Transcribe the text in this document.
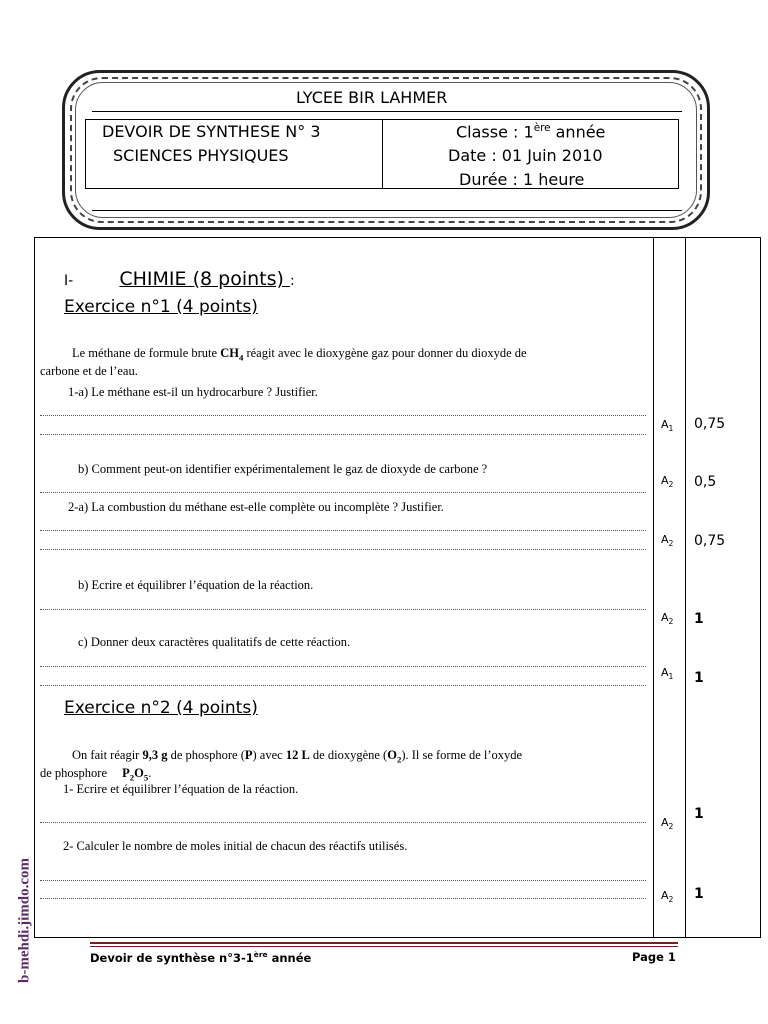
LYCEE BIR LAHMER
DEVOIR DE SYNTHESE N° 3
SCIENCES PHYSIQUES
Classe : 1ère année
Date : 01 Juin 2010
Durée : 1 heure
I- CHIMIE (8 points) :
Exercice n°1 (4 points)
Le méthane de formule brute $CH_4$ réagit avec le dioxygène gaz pour donner du dioxyde de
carbone et de l’eau.
1-a) Le méthane est-il un hydrocarbure ? Justifier.
b) Comment peut-on identifier expérimentalement le gaz de dioxyde de carbone ?
2-a) La combustion du méthane est-elle complète ou incomplète ? Justifier.
b) Ecrire et équilibrer l’équation de la réaction.
c) Donner deux caractères qualitatifs de cette réaction.
Exercice n°2 (4 points)
On fait réagir 9,3 g de phosphore (P) avec 12 L de dioxygène $(O_2)$. Il se forme de l’oxyde
de phosphore $P_2O_5$.
1- Ecrire et équilibrer l’équation de la réaction.
2- Calculer le nombre de moles initial de chacun des réactifs utilisés.
$A_1$ 0,75
$A_2$ 0,5
$A_2$ 0,75
$A_2$ 1
$A_1$ 1
$A_2$
1
$A_2$ 1
Devoir de synthèse n°3-1ère année	Page 1
b-mehdi.jimdo.com
